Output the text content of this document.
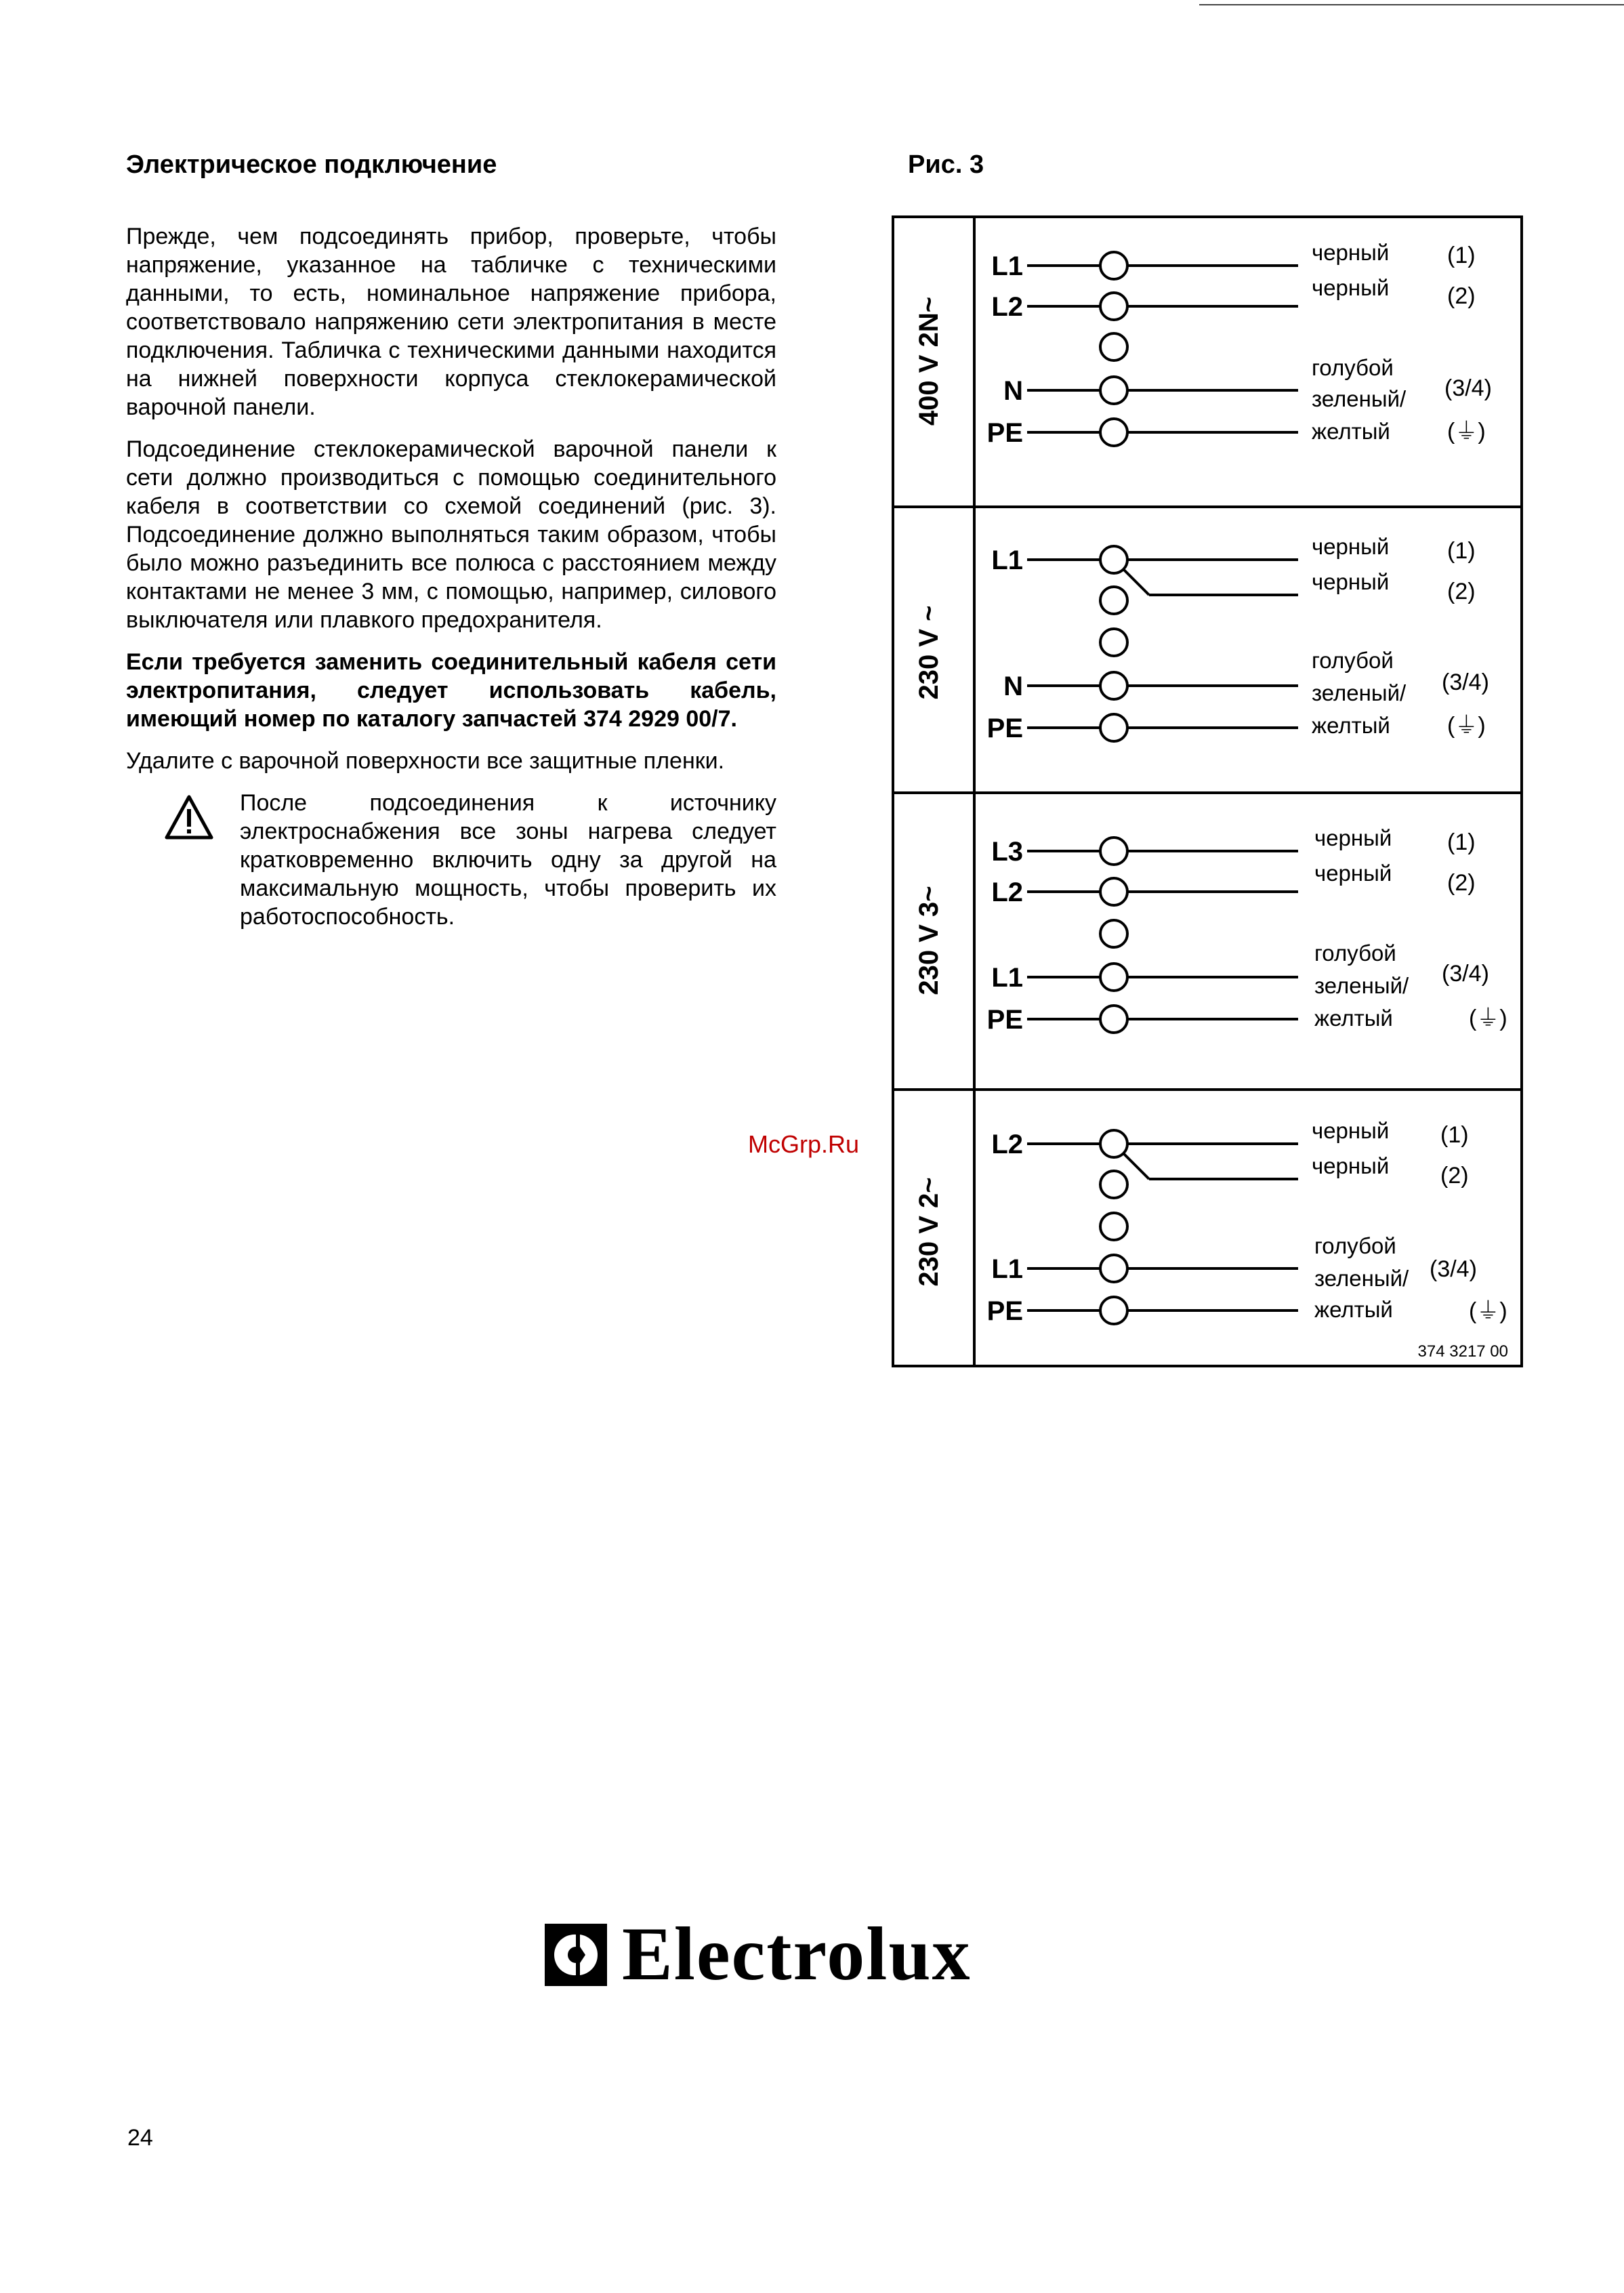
Электрическое подключение	Рис. 3

Прежде, чем подсоединять прибор, проверьте, чтобы напряжение, указанное на табличке с техническими данными, то есть, номинальное напряжение прибора, соответствовало напряжению сети электропитания в месте подключения. Табличка с техническими данными находится на нижней поверхности корпуса стеклокерамической варочной панели.

Подсоединение стеклокерамической варочной панели к сети должно производиться с помощью соединительного кабеля в соответствии со схемой соединений (рис. 3). Подсоединение должно выполняться таким образом, чтобы было можно разъединить все полюса с расстоянием между контактами не менее 3 мм, с помощью, например, силового выключателя или плавкого предохранителя.

Если требуется заменить соединительный кабеля сети электропитания, следует использовать кабель, имеющий номер по каталогу запчастей 374 2929 00/7.

Удалите с варочной поверхности все защитные пленки.

После подсоединения к источнику электроснабжения все зоны нагрева следует кратковременно включить одну за другой на максимальную мощность, чтобы проверить их работоспособность.
McGrp.Ru
400 V 2N~
L1
L2
N
PE
черный
черный
голубой
зеленый/
желтый
(1)
(2)
(3/4)
(⏚)
230 V ~
L1
N
PE
черный
черный
голубой
зеленый/
желтый
(1)
(2)
(3/4)
(⏚)
230 V 3~
L3
L2
L1
PE
черный
черный
голубой
зеленый/
желтый
(1)
(2)
(3/4)
(⏚)
230 V 2~
L2
L1
PE
черный
черный
голубой
зеленый/
желтый
(1)
(2)
(3/4)
(⏚)
374 3217 00
Electrolux
24
